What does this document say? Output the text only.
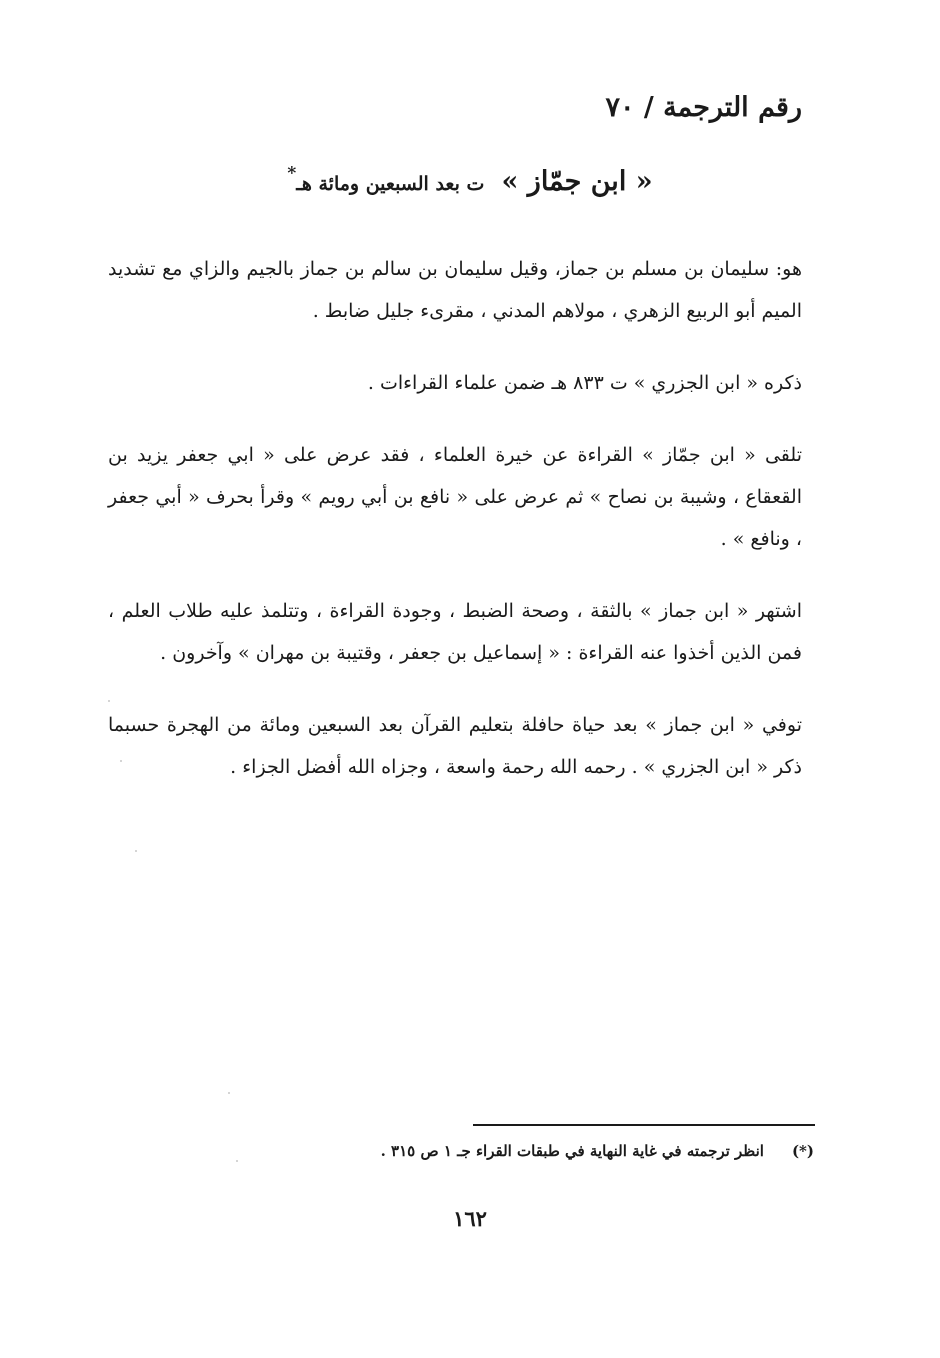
رقم الترجمة / ٧٠
« ابن جمّاز » ت بعد السبعين ومائة هـ*

هو: سليمان بن مسلم بن جماز، وقيل سليمان بن سالم بن جماز بالجيم والزاي مع تشديد الميم أبو الربيع الزهري ، مولاهم المدني ، مقرىء جليل ضابط .

ذكره « ابن الجزري » ت ٨٣٣ هـ ضمن علماء القراءات .

تلقى « ابن جمّاز » القراءة عن خيرة العلماء ، فقد عرض على « ابي جعفر يزيد بن القعقاع ، وشيبة بن نصاح » ثم عرض على « نافع بن أبي رويم » وقرأ بحرف « أبي جعفر ، ونافع » .

اشتهر « ابن جماز » بالثقة ، وصحة الضبط ، وجودة القراءة ، وتتلمذ عليه طلاب العلم ، فمن الذين أخذوا عنه القراءة : « إسماعيل بن جعفر ، وقتيبة بن مهران » وآخرون .

توفي « ابن جماز » بعد حياة حافلة بتعليم القرآن بعد السبعين ومائة من الهجرة حسبما ذكر « ابن الجزري » . رحمه الله رحمة واسعة ، وجزاه الله أفضل الجزاء .

(*)انظر ترجمته في غاية النهاية في طبقات القراء جـ ١ ص ٣١٥ .
١٦٢
